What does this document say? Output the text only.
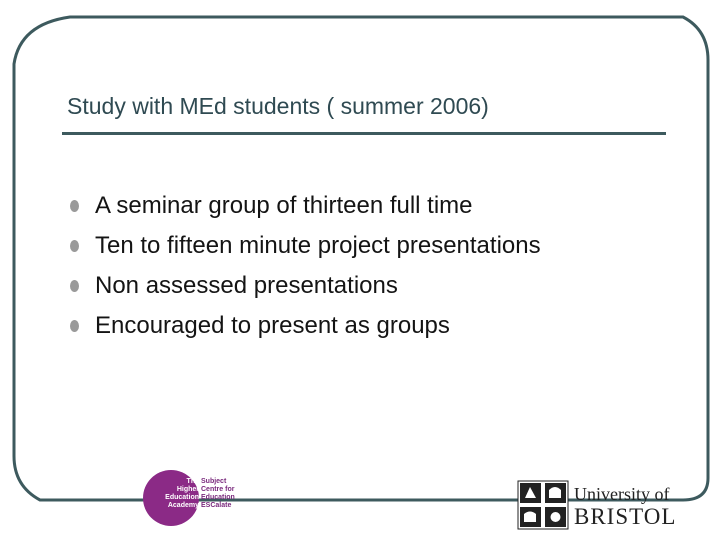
Study with MEd students ( summer 2006)
A seminar group of thirteen full time
Ten to fifteen minute project presentations
Non assessed presentations
Encouraged to present as groups
The
Higher
Education
Academy
Subject
Centre for
Education
ESCalate
University of
BRISTOL
